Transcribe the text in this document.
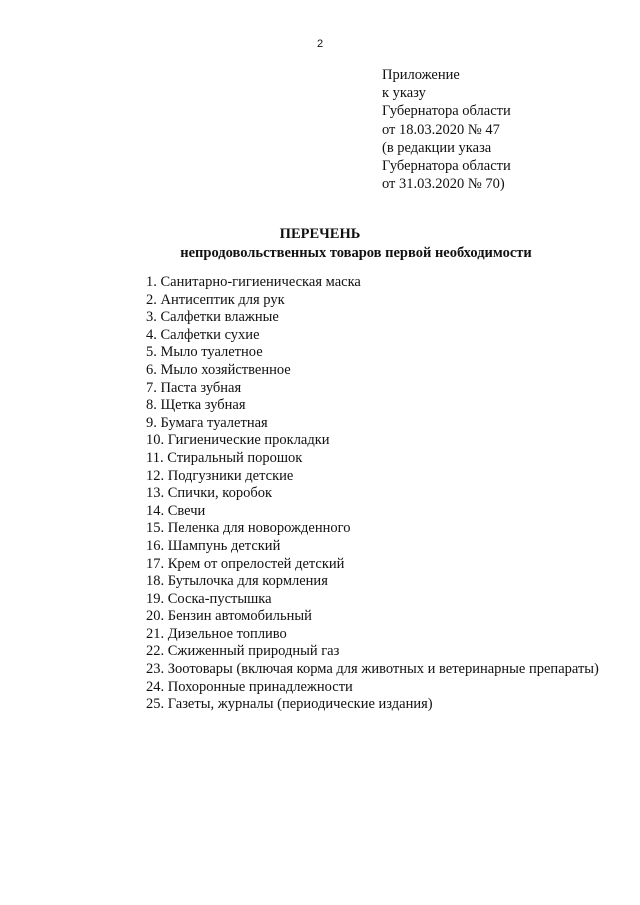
2
Приложение
к указу
Губернатора области
от 18.03.2020 № 47
(в редакции указа
Губернатора области
от 31.03.2020 № 70)
ПЕРЕЧЕНЬ
непродовольственных товаров первой необходимости
1. Санитарно-гигиеническая маска
2. Антисептик для рук
3. Салфетки влажные
4. Салфетки сухие
5. Мыло туалетное
6. Мыло хозяйственное
7. Паста зубная
8. Щетка зубная
9. Бумага туалетная
10. Гигиенические прокладки
11. Стиральный порошок
12. Подгузники детские
13. Спички, коробок
14. Свечи
15. Пеленка для новорожденного
16. Шампунь детский
17. Крем от опрелостей детский
18. Бутылочка для кормления
19. Соска-пустышка
20. Бензин автомобильный
21. Дизельное топливо
22. Сжиженный природный газ
23. Зоотовары (включая корма для животных и ветеринарные препараты)
24. Похоронные принадлежности
25. Газеты, журналы (периодические издания)
